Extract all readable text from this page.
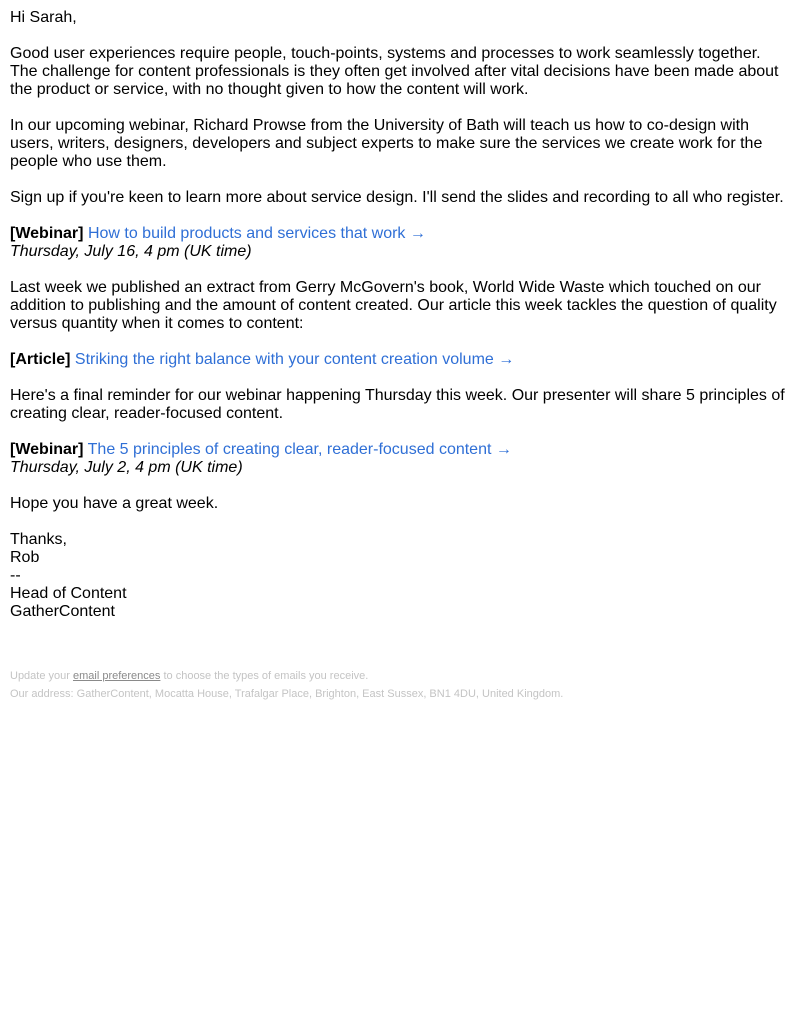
Hi Sarah,

Good user experiences require people, touch-points, systems and processes to work seamlessly together. The challenge for content professionals is they often get involved after vital decisions have been made about the product or service, with no thought given to how the content will work.

In our upcoming webinar, Richard Prowse from the University of Bath will teach us how to co-design with users, writers, designers, developers and subject experts to make sure the services we create work for the people who use them.

Sign up if you're keen to learn more about service design. I'll send the slides and recording to all who register.

[Webinar] How to build products and services that work →
Thursday, July 16, 4 pm (UK time)

Last week we published an extract from Gerry McGovern's book, World Wide Waste which touched on our addition to publishing and the amount of content created. Our article this week tackles the question of quality versus quantity when it comes to content:

[Article] Striking the right balance with your content creation volume →

Here's a final reminder for our webinar happening Thursday this week. Our presenter will share 5 principles of creating clear, reader-focused content.

[Webinar] The 5 principles of creating clear, reader-focused content →
Thursday, July 2, 4 pm (UK time)

Hope you have a great week.

Thanks,
Rob
--
Head of Content
GatherContent

Update your email preferences to choose the types of emails you receive.
Our address: GatherContent, Mocatta House, Trafalgar Place, Brighton, East Sussex, BN1 4DU, United Kingdom.
